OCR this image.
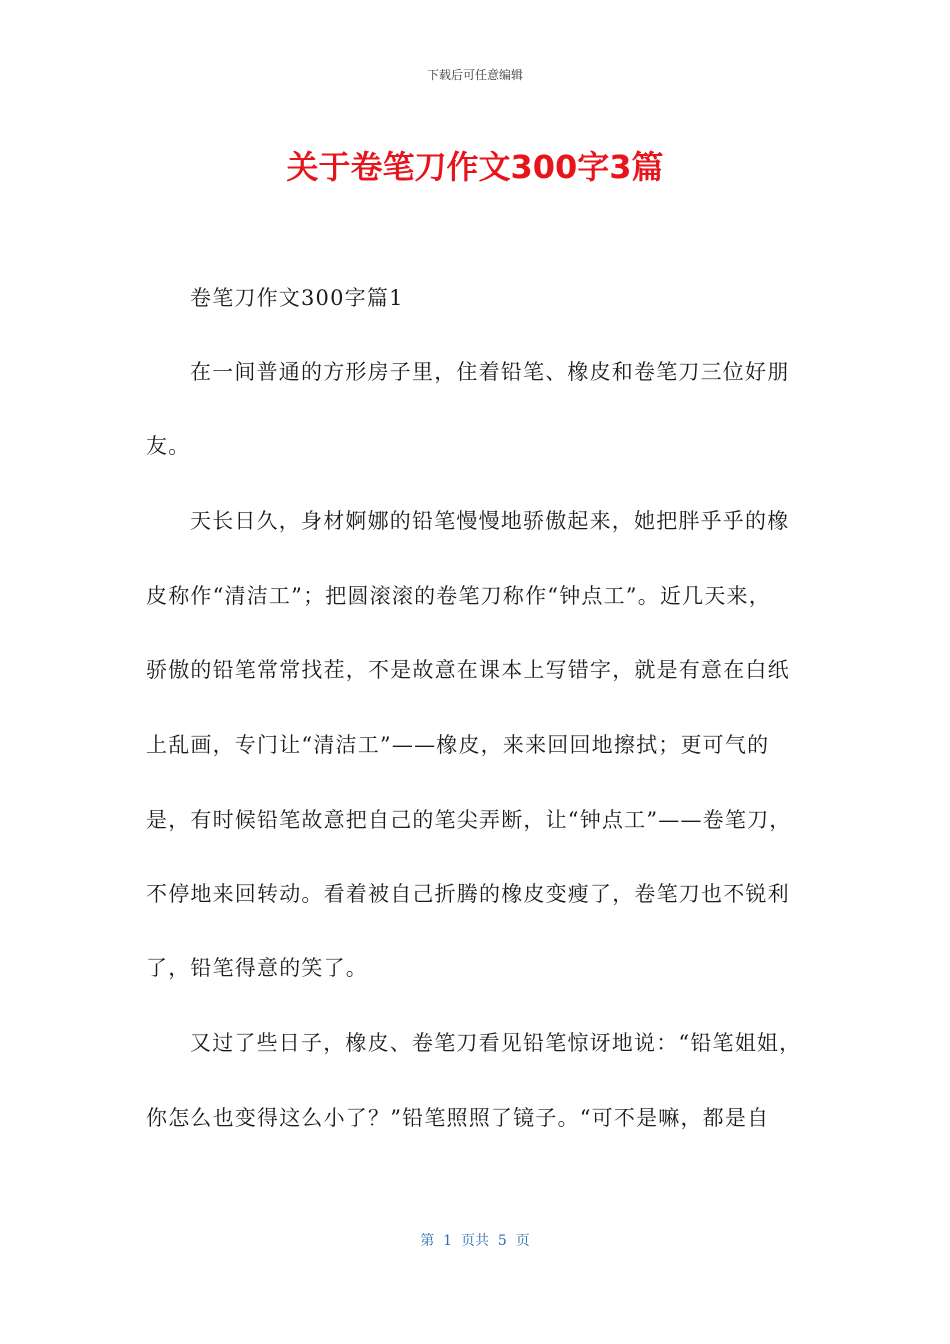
下载后可任意编辑
关于卷笔刀作文300字3篇
卷笔刀作文300字篇1
在一间普通的方形房子里，住着铅笔、橡皮和卷笔刀三位好朋
友。
天长日久，身材婀娜的铅笔慢慢地骄傲起来，她把胖乎乎的橡
皮称作“清洁工”；把圆滚滚的卷笔刀称作“钟点工”。近几天来，
骄傲的铅笔常常找茬，不是故意在课本上写错字，就是有意在白纸
上乱画，专门让“清洁工”——橡皮，来来回回地擦拭；更可气的
是，有时候铅笔故意把自己的笔尖弄断，让“钟点工”——卷笔刀，
不停地来回转动。看着被自己折腾的橡皮变瘦了，卷笔刀也不锐利
了，铅笔得意的笑了。
又过了些日子，橡皮、卷笔刀看见铅笔惊讶地说：“铅笔姐姐，
你怎么也变得这么小了？”铅笔照照了镜子。“可不是嘛，都是自
第  1  页共  5  页
